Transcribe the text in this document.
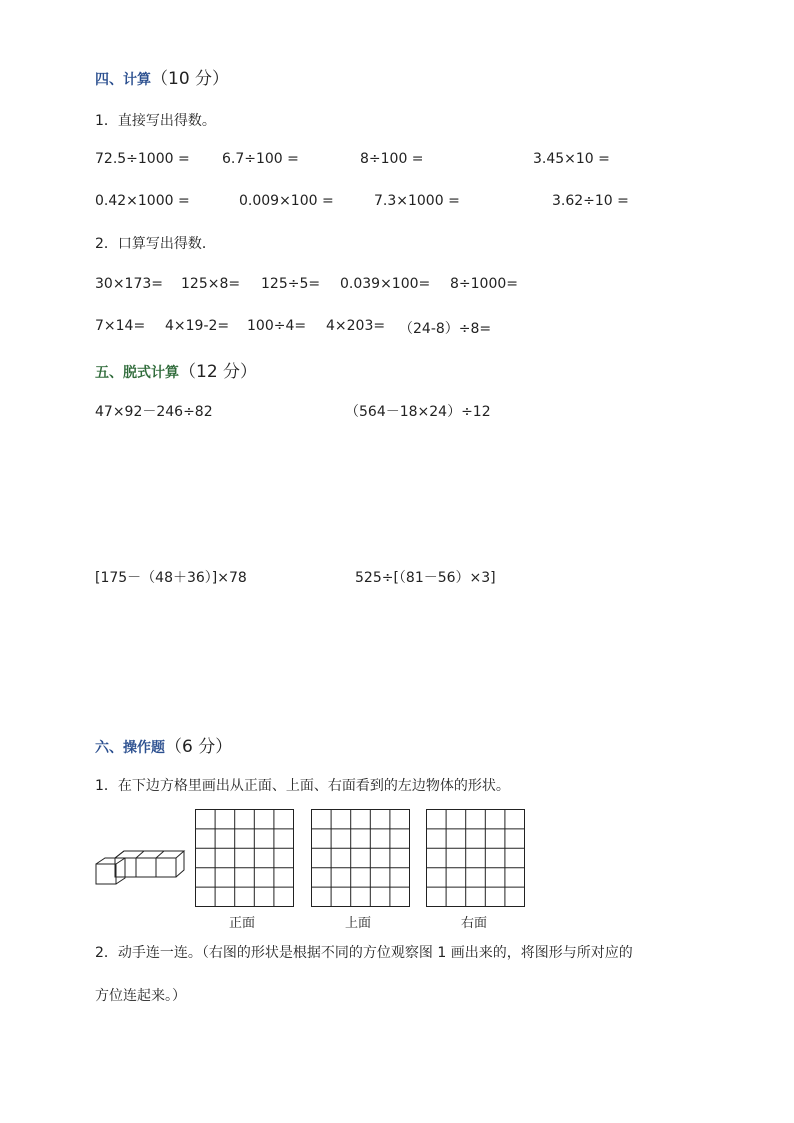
四、计算（10 分）
1．直接写出得数。
72.5÷1000 = 6.7÷100 =	8÷100 =	3.45×10 =
0.42×1000 =	0.009×100 =	7.3×1000 =	3.62÷10 =
2．口算写出得数．
30×173= 125×8= 125÷5= 0.039×100= 8÷1000=
7×14= 4×19-2= 100÷4= 4×203= （24-8）÷8=
五、脱式计算（12 分）
47×92－246÷82	（564－18×24）÷12
[175－（48＋36）]×78	525÷[（81－56）×3]
六、操作题（6 分）
1．在下边方格里画出从正面、上面、右面看到的左边物体的形状。
正面	上面	右面
2．动手连一连。（右图的形状是根据不同的方位观察图 1 画出来的，将图形与所对应的
方位连起来。）
